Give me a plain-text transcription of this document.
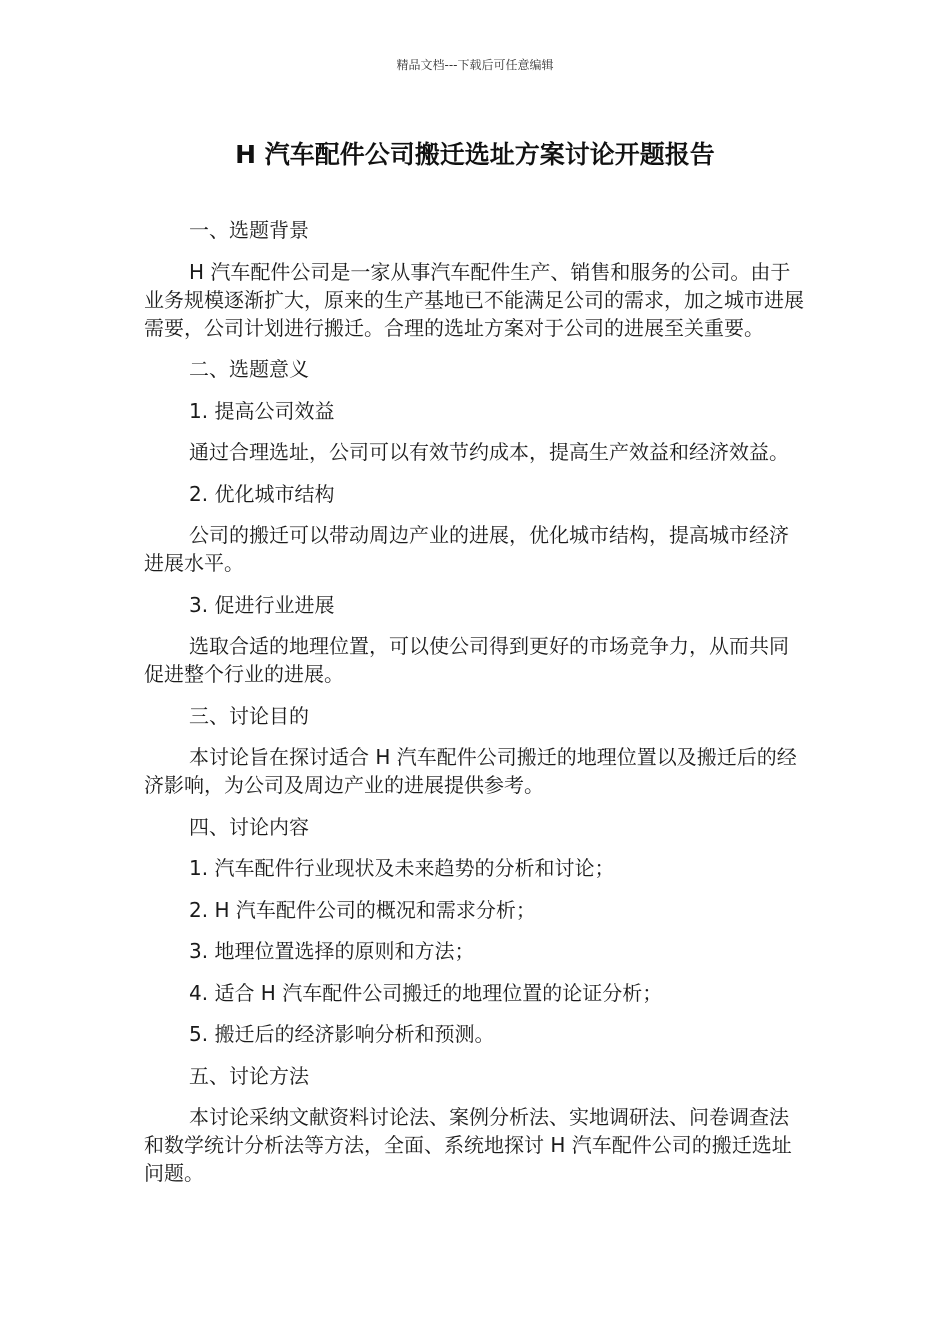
精品文档---下载后可任意编辑
H 汽车配件公司搬迁选址方案讨论开题报告

一、选题背景

H 汽车配件公司是一家从事汽车配件生产、销售和服务的公司。由于业务规模逐渐扩大，原来的生产基地已不能满足公司的需求，加之城市进展需要，公司计划进行搬迁。合理的选址方案对于公司的进展至关重要。

二、选题意义

1. 提高公司效益

通过合理选址，公司可以有效节约成本，提高生产效益和经济效益。

2. 优化城市结构

公司的搬迁可以带动周边产业的进展，优化城市结构，提高城市经济进展水平。

3. 促进行业进展

选取合适的地理位置，可以使公司得到更好的市场竞争力，从而共同促进整个行业的进展。

三、讨论目的

本讨论旨在探讨适合 H 汽车配件公司搬迁的地理位置以及搬迁后的经济影响，为公司及周边产业的进展提供参考。

四、讨论内容

1. 汽车配件行业现状及未来趋势的分析和讨论；

2. H 汽车配件公司的概况和需求分析；

3. 地理位置选择的原则和方法；

4. 适合 H 汽车配件公司搬迁的地理位置的论证分析；

5. 搬迁后的经济影响分析和预测。

五、讨论方法

本讨论采纳文献资料讨论法、案例分析法、实地调研法、问卷调查法和数学统计分析法等方法，全面、系统地探讨 H 汽车配件公司的搬迁选址问题。
